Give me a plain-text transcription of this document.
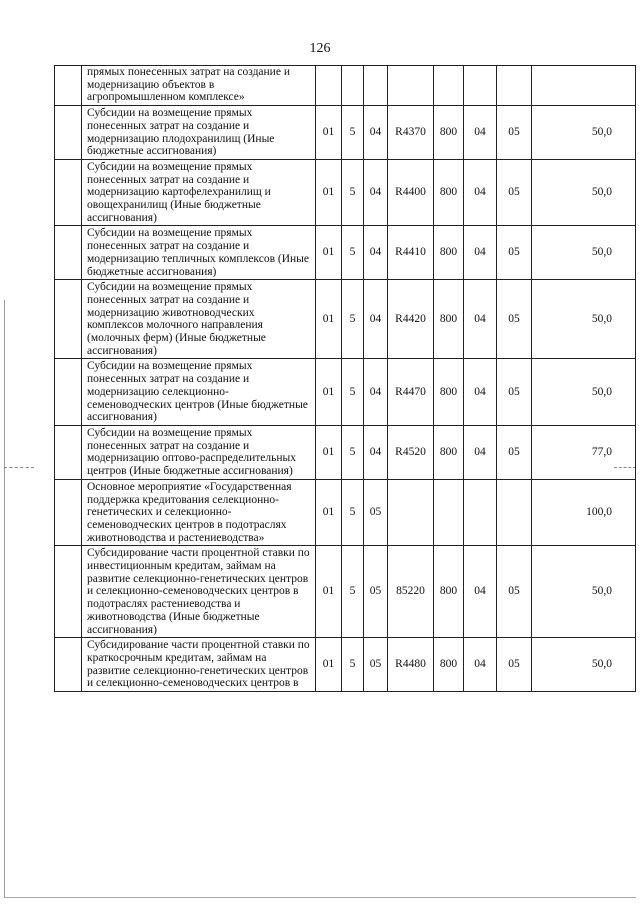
126
	прямых понесенных затрат на создание и модернизацию объектов в агропромышленном комплексе»								
	Субсидии на возмещение прямых понесенных затрат на создание и модернизацию плодохранилищ (Иные бюджетные ассигнования)	01	5	04	R4370	800	04	05	50,0
	Субсидии на возмещение прямых понесенных затрат на создание и модернизацию картофелехранилищ и овощехранилищ (Иные бюджетные ассигнования)	01	5	04	R4400	800	04	05	50,0
	Субсидии на возмещение прямых понесенных затрат на создание и модернизацию тепличных комплексов (Иные бюджетные ассигнования)	01	5	04	R4410	800	04	05	50,0
	Субсидии на возмещение прямых понесенных затрат на создание и модернизацию животноводческих комплексов молочного направления (молочных ферм) (Иные бюджетные ассигнования)	01	5	04	R4420	800	04	05	50,0
	Субсидии на возмещение прямых понесенных затрат на создание и модернизацию селекционно-семеноводческих центров (Иные бюджетные ассигнования)	01	5	04	R4470	800	04	05	50,0
	Субсидии на возмещение прямых понесенных затрат на создание и модернизацию оптово-распределительных центров (Иные бюджетные ассигнования)	01	5	04	R4520	800	04	05	77,0
	Основное мероприятие «Государственная поддержка кредитования селекционно-генетических и селекционно-семеноводческих центров в подотраслях животноводства и растениеводства»	01	5	05					100,0
	Субсидирование части процентной ставки по инвестиционным кредитам, займам на развитие селекционно-генетических центров и селекционно-семеноводческих центров в подотраслях растениеводства и животноводства (Иные бюджетные ассигнования)	01	5	05	85220	800	04	05	50,0
	Субсидирование части процентной ставки по краткосрочным кредитам, займам на развитие селекционно-генетических центров и селекционно-семеноводческих центров в	01	5	05	R4480	800	04	05	50,0
